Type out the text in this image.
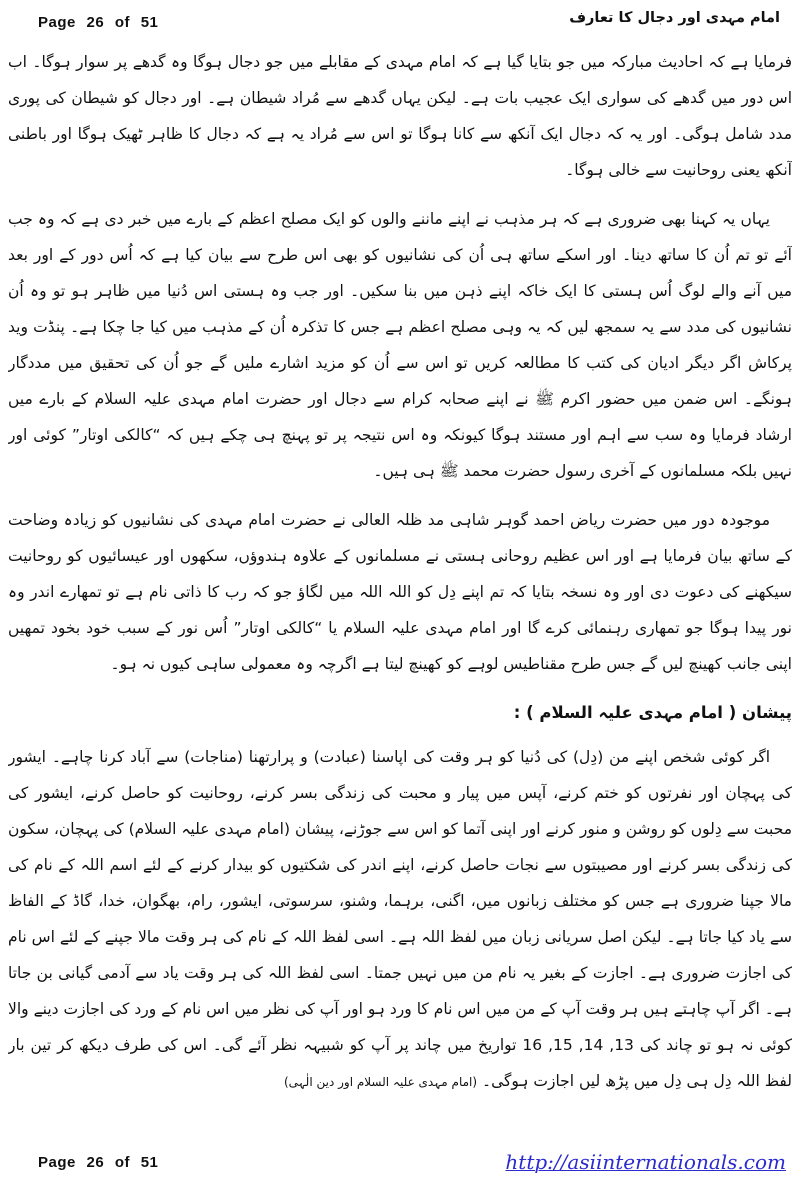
Page 26 of 51	امام مہدی اور دجال کا تعارف

فرمایا ہے کہ احادیث مبارکہ میں جو بتایا گیا ہے کہ امام مہدی کے مقابلے میں جو دجال ہوگا وہ گدھے پر سوار ہوگا۔ اب اس دور میں گدھے کی سواری ایک عجیب بات ہے۔ لیکن یہاں گدھے سے مُراد شیطان ہے۔ اور دجال کو شیطان کی پوری مدد شامل ہوگی۔ اور یہ کہ دجال ایک آنکھ سے کانا ہوگا تو اس سے مُراد یہ ہے کہ دجال کا ظاہر ٹھیک ہوگا اور باطنی آنکھ یعنی روحانیت سے خالی ہوگا۔

یہاں یہ کہنا بھی ضروری ہے کہ ہر مذہب نے اپنے ماننے والوں کو ایک مصلح اعظم کے بارے میں خبر دی ہے کہ وہ جب آئے تو تم اُن کا ساتھ دینا۔ اور اسکے ساتھ ہی اُن کی نشانیوں کو بھی اس طرح سے بیان کیا ہے کہ اُس دور کے اور بعد میں آنے والے لوگ اُس ہستی کا ایک خاکہ اپنے ذہن میں بنا سکیں۔ اور جب وہ ہستی اس دُنیا میں ظاہر ہو تو وہ اُن نشانیوں کی مدد سے یہ سمجھ لیں کہ یہ وہی مصلح اعظم ہے جس کا تذکرہ اُن کے مذہب میں کیا جا چکا ہے۔ پنڈت وید پرکاش اگر دیگر ادیان کی کتب کا مطالعہ کریں تو اس سے اُن کو مزید اشارے ملیں گے جو اُن کی تحقیق میں مددگار ہونگے۔ اس ضمن میں حضور اکرم ﷺ نے اپنے صحابہ کرام سے دجال اور حضرت امام مہدی علیہ السلام کے بارے میں ارشاد فرمایا وہ سب سے اہم اور مستند ہوگا کیونکہ وہ اس نتیجہ پر تو پہنچ ہی چکے ہیں کہ “کالکی اوتار” کوئی اور نہیں بلکہ مسلمانوں کے آخری رسول حضرت محمد ﷺ ہی ہیں۔

موجودہ دور میں حضرت ریاض احمد گوہر شاہی مد ظلہ العالی نے حضرت امام مہدی کی نشانیوں کو زیادہ وضاحت کے ساتھ بیان فرمایا ہے اور اس عظیم روحانی ہستی نے مسلمانوں کے علاوہ ہندوؤں، سکھوں اور عیسائیوں کو روحانیت سیکھنے کی دعوت دی اور وہ نسخہ بتایا کہ تم اپنے دِل کو اللہ اللہ میں لگاؤ جو کہ رب کا ذاتی نام ہے تو تمھارے اندر وہ نور پیدا ہوگا جو تمھاری رہنمائی کرے گا اور امام مہدی علیہ السلام یا “کالکی اوتار” اُس نور کے سبب خود بخود تمھیں اپنی جانب کھینچ لیں گے جس طرح مقناطیس لوہے کو کھینچ لیتا ہے اگرچہ وہ معمولی ساہی کیوں نہ ہو۔

پیشان ( امام مہدی علیہ السلام ) :

اگر کوئی شخص اپنے من (دِل) کی دُنیا کو ہر وقت کی اپاسنا (عبادت) و پرارتھنا (مناجات) سے آباد کرنا چاہے۔ ایشور کی پہچان اور نفرتوں کو ختم کرنے، آپس میں پیار و محبت کی زندگی بسر کرنے، روحانیت کو حاصل کرنے، ایشور کی محبت سے دِلوں کو روشن و منور کرنے اور اپنی آتما کو اس سے جوڑنے، پیشان (امام مہدی علیہ السلام) کی پہچان، سکون کی زندگی بسر کرنے اور مصیبتوں سے نجات حاصل کرنے، اپنے اندر کی شکتیوں کو بیدار کرنے کے لئے اسم اللہ کے نام کی مالا جپنا ضروری ہے جس کو مختلف زبانوں میں، اگنی، برہما، وشنو، سرسوتی، ایشور، رام، بھگوان، خدا، گاڈ کے الفاظ سے یاد کیا جاتا ہے۔ لیکن اصل سریانی زبان میں لفظ اللہ ہے۔ اسی لفظ اللہ کے نام کی ہر وقت مالا جپنے کے لئے اس نام کی اجازت ضروری ہے۔ اجازت کے بغیر یہ نام من میں نہیں جمتا۔ اسی لفظ اللہ کی ہر وقت یاد سے آدمی گیانی بن جاتا ہے۔ اگر آپ چاہتے ہیں ہر وقت آپ کے من میں اس نام کا ورد ہو اور آپ کی نظر میں اس نام کے ورد کی اجازت دینے والا کوئی نہ ہو تو چاند کی 13, 14, 15, 16 تواریخ میں چاند پر آپ کو شبیہہ نظر آئے گی۔ اس کی طرف دیکھ کر تین بار لفظ اللہ دِل ہی دِل میں پڑھ لیں اجازت ہوگی۔ (امام مہدی علیہ السلام اور دین الٰہی)

Page 26 of 51	http://asiinternationals.com
